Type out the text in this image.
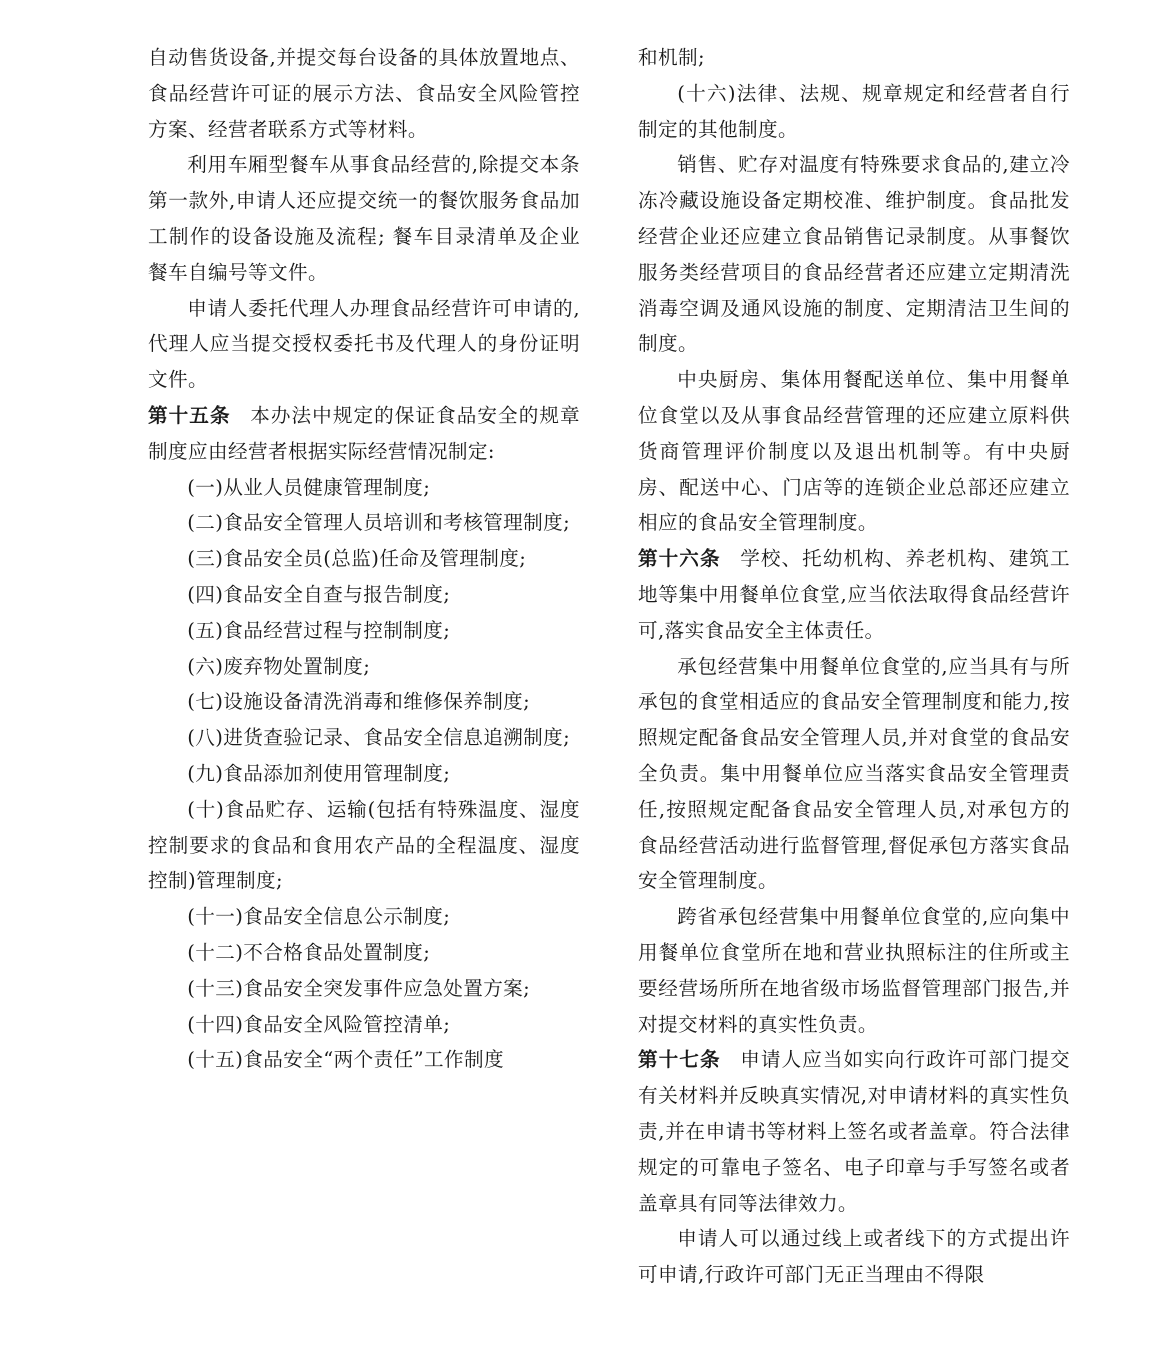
自动售货设备,并提交每台设备的具体放置地点、食品经营许可证的展示方法、食品安全风险管控方案、经营者联系方式等材料。

利用车厢型餐车从事食品经营的,除提交本条第一款外,申请人还应提交统一的餐饮服务食品加工制作的设备设施及流程; 餐车目录清单及企业餐车自编号等文件。

申请人委托代理人办理食品经营许可申请的,代理人应当提交授权委托书及代理人的身份证明文件。

第十五条 本办法中规定的保证食品安全的规章制度应由经营者根据实际经营情况制定:

(一)从业人员健康管理制度;

(二)食品安全管理人员培训和考核管理制度;

(三)食品安全员(总监)任命及管理制度;

(四)食品安全自查与报告制度;

(五)食品经营过程与控制制度;

(六)废弃物处置制度;

(七)设施设备清洗消毒和维修保养制度;

(八)进货查验记录、食品安全信息追溯制度;

(九)食品添加剂使用管理制度;

(十)食品贮存、运输(包括有特殊温度、湿度控制要求的食品和食用农产品的全程温度、湿度控制)管理制度;

(十一)食品安全信息公示制度;

(十二)不合格食品处置制度;

(十三)食品安全突发事件应急处置方案;

(十四)食品安全风险管控清单;

(十五)食品安全“两个责任”工作制度

和机制;

(十六)法律、法规、规章规定和经营者自行制定的其他制度。

销售、贮存对温度有特殊要求食品的,建立冷冻冷藏设施设备定期校准、维护制度。食品批发经营企业还应建立食品销售记录制度。从事餐饮服务类经营项目的食品经营者还应建立定期清洗消毒空调及通风设施的制度、定期清洁卫生间的制度。

中央厨房、集体用餐配送单位、集中用餐单位食堂以及从事食品经营管理的还应建立原料供货商管理评价制度以及退出机制等。有中央厨房、配送中心、门店等的连锁企业总部还应建立相应的食品安全管理制度。

第十六条 学校、托幼机构、养老机构、建筑工地等集中用餐单位食堂,应当依法取得食品经营许可,落实食品安全主体责任。

承包经营集中用餐单位食堂的,应当具有与所承包的食堂相适应的食品安全管理制度和能力,按照规定配备食品安全管理人员,并对食堂的食品安全负责。集中用餐单位应当落实食品安全管理责任,按照规定配备食品安全管理人员,对承包方的食品经营活动进行监督管理,督促承包方落实食品安全管理制度。

跨省承包经营集中用餐单位食堂的,应向集中用餐单位食堂所在地和营业执照标注的住所或主要经营场所所在地省级市场监督管理部门报告,并对提交材料的真实性负责。

第十七条 申请人应当如实向行政许可部门提交有关材料并反映真实情况,对申请材料的真实性负责,并在申请书等材料上签名或者盖章。符合法律规定的可靠电子签名、电子印章与手写签名或者盖章具有同等法律效力。

申请人可以通过线上或者线下的方式提出许可申请,行政许可部门无正当理由不得限
